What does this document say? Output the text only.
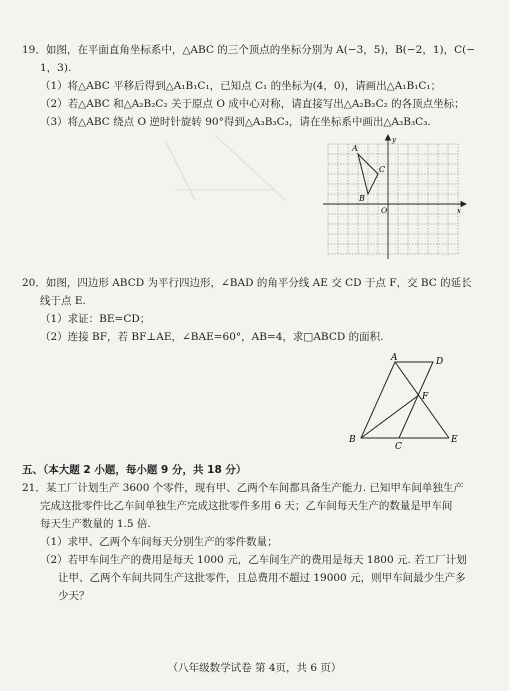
19．如图，在平面直角坐标系中，△ABC 的三个顶点的坐标分别为 A(−3，5)，B(−2，1)，C(−
1，3).
（1）将△ABC 平移后得到△A₁B₁C₁，已知点 C₁ 的坐标为(4，0)，请画出△A₁B₁C₁；
（2）若△ABC 和△A₂B₂C₂ 关于原点 O 成中心对称，请直接写出△A₂B₂C₂ 的各顶点坐标；
（3）将△ABC 绕点 O 逆时针旋转 90°得到△A₃B₃C₃，请在坐标系中画出△A₃B₃C₃.
A
B
C
O	x
y
20．如图，四边形 ABCD 为平行四边形，∠BAD 的角平分线 AE 交 CD 于点 F，交 BC 的延长
线于点 E.
（1）求证：BE=CD；
（2）连接 BF，若 BF⊥AE，∠BAE=60°，AB=4，求□ABCD 的面积.
A	D
F
B
C
E
五、（本大题 2 小题，每小题 9 分，共 18 分）
21．某工厂计划生产 3600 个零件，现有甲、乙两个车间都具备生产能力. 已知甲车间单独生产
完成这批零件比乙车间单独生产完成这批零件多用 6 天；乙车间每天生产的数量是甲车间
每天生产数量的 1.5 倍.
（1）求甲、乙两个车间每天分别生产的零件数量；
（2）若甲车间生产的费用是每天 1000 元，乙车间生产的费用是每天 1800 元. 若工厂计划
让甲、乙两个车间共同生产这批零件，且总费用不超过 19000 元，则甲车间最少生产多
少天？
（八年级数学试卷 第 4页，共 6 页）
